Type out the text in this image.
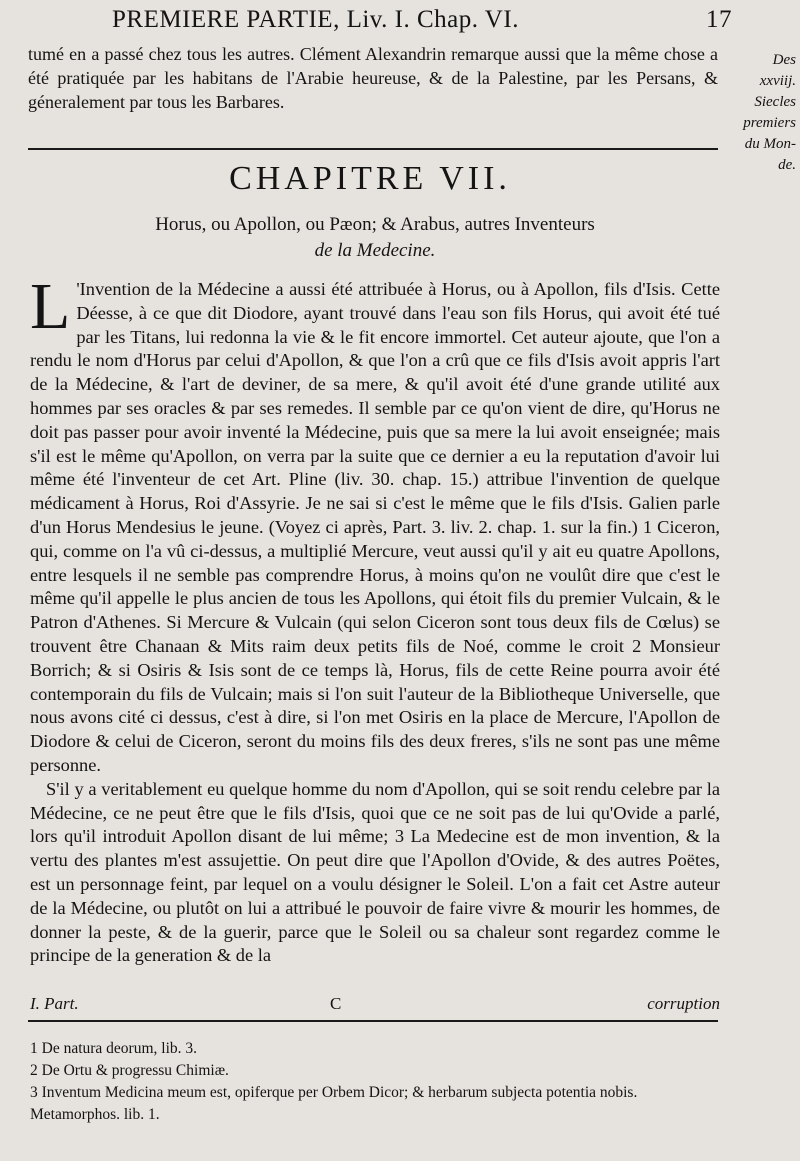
PREMIERE PARTIE, Liv. I. Chap. VI.	17
tumé en a passé chez tous les autres. Clément Alexandrin remarque aussi que la même chose a été pratiquée par les habitans de l'Arabie heureuse, & de la Palestine, par les Persans, & géneralement par tous les Barbares.
Des
xxviij.
Siecles
premiers
du Mon-
de.
CHAPITRE VII.
Horus, ou Apollon, ou Pæon; & Arabus, autres Inventeurs
de la Medecine.

L 'Invention de la Médecine a aussi été attribuée à Horus, ou à Apollon, fils d'Isis. Cette Déesse, à ce que dit Diodore, ayant trouvé dans l'eau son fils Horus, qui avoit été tué par les Titans, lui redonna la vie & le fit encore immortel. Cet auteur ajoute, que l'on a rendu le nom d'Horus par celui d'Apollon, & que l'on a crû que ce fils d'Isis avoit appris l'art de la Médecine, & l'art de deviner, de sa mere, & qu'il avoit été d'une grande utilité aux hommes par ses oracles & par ses remedes. Il semble par ce qu'on vient de dire, qu'Horus ne doit pas passer pour avoir inventé la Médecine, puis que sa mere la lui avoit enseignée; mais s'il est le même qu'Apollon, on verra par la suite que ce dernier a eu la reputation d'avoir lui même été l'inventeur de cet Art. Pline (liv. 30. chap. 15.) attribue l'invention de quelque médicament à Horus, Roi d'Assyrie. Je ne sai si c'est le même que le fils d'Isis. Galien parle d'un Horus Mendesius le jeune. (Voyez ci après, Part. 3. liv. 2. chap. 1. sur la fin.) 1 Ciceron, qui, comme on l'a vû ci-dessus, a multiplié Mercure, veut aussi qu'il y ait eu quatre Apollons, entre lesquels il ne semble pas comprendre Horus, à moins qu'on ne voulût dire que c'est le même qu'il appelle le plus ancien de tous les Apollons, qui étoit fils du premier Vulcain, & le Patron d'Athenes. Si Mercure & Vulcain (qui selon Ciceron sont tous deux fils de Cœlus) se trouvent être Chanaan & Mits raim deux petits fils de Noé, comme le croit 2 Monsieur Borrich; & si Osiris & Isis sont de ce temps là, Horus, fils de cette Reine pourra avoir été contemporain du fils de Vulcain; mais si l'on suit l'auteur de la Bibliotheque Universelle, que nous avons cité ci dessus, c'est à dire, si l'on met Osiris en la place de Mercure, l'Apollon de Diodore & celui de Ciceron, seront du moins fils des deux freres, s'ils ne sont pas une même personne.

S'il y a veritablement eu quelque homme du nom d'Apollon, qui se soit rendu celebre par la Médecine, ce ne peut être que le fils d'Isis, quoi que ce ne soit pas de lui qu'Ovide a parlé, lors qu'il introduit Apollon disant de lui même; 3 La Medecine est de mon invention, & la vertu des plantes m'est assujettie. On peut dire que l'Apollon d'Ovide, & des autres Poëtes, est un personnage feint, par lequel on a voulu désigner le Soleil. L'on a fait cet Astre auteur de la Médecine, ou plutôt on lui a attribué le pouvoir de faire vivre & mourir les hommes, de donner la peste, & de la guerir, parce que le Soleil ou sa chaleur sont regardez comme le principe de la generation & de la

I. Part.	C	corruption
1 De natura deorum, lib. 3.
2 De Ortu & progressu Chimiæ.
3 Inventum Medicina meum est, opiferque per Orbem Dicor; & herbarum subjecta potentia nobis. Metamorphos. lib. 1.
